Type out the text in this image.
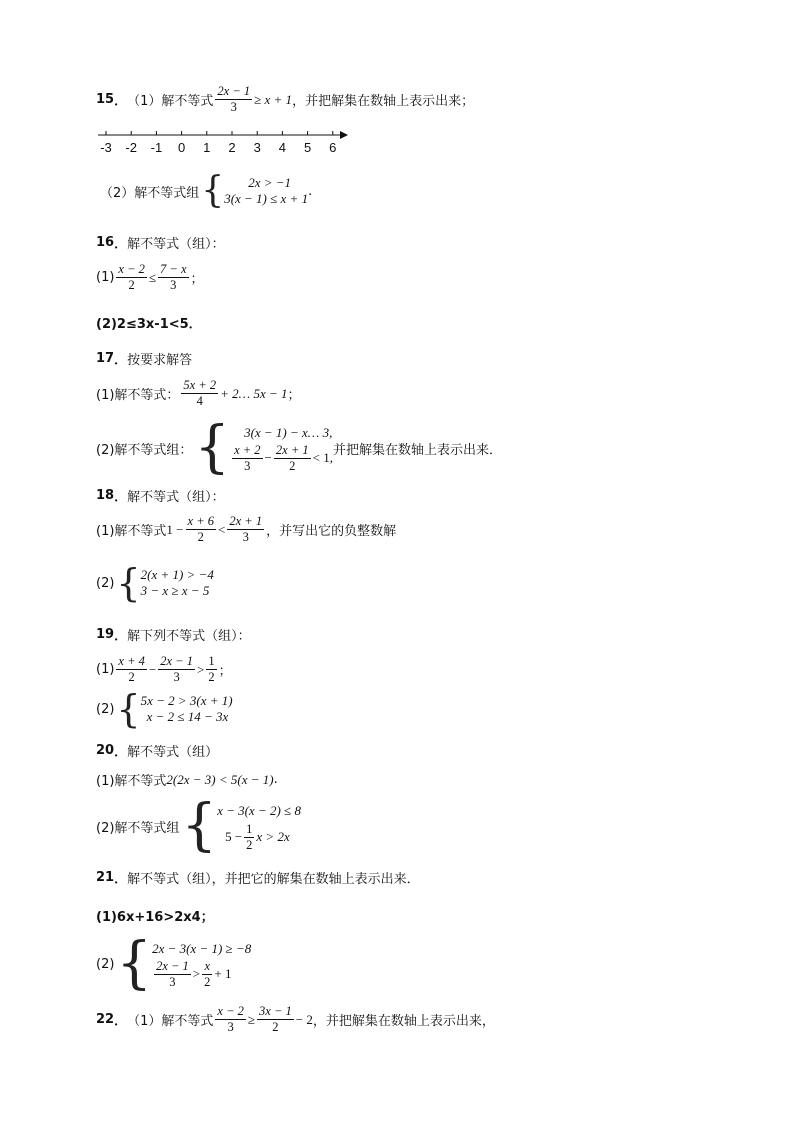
15 ． （1）解不等式 $\frac{2x - 1}{3} \ge x + 1$ ，并把解集在数轴上表示出来；
-3 -2 -1 0 1 2 3 4 5 6
（2）解不等式组 {	2x > −1
3(x − 1) ≤ x + 1 .
16 ． 解不等式（组）：
$(1) \frac{x - 2}{2} \le \frac{7 - x}{3}$ ；
(2)2≤3x-1<5．
17 ． 按要求解答
(1)解不等式： $\frac{5x + 2}{4}$ + 2… 5x − 1 ；
(2)解不等式组： {	3(x − 1) − x… 3,
$\frac{x + 2}{3} - \frac{2x + 1}{2} < 1$, 并把解集在数轴上表示出来．
18 ． 解不等式（组）：
(1)解不等式 $1 - \frac{x + 6}{2} < \frac{2x + 1}{3}$ ，并写出它的负整数解
(2) { 2(x + 1) > −4
3 − x ≥ x − 5
19 ． 解下列不等式（组）：
$(1) \frac{x + 4}{2} - \frac{2x - 1}{3} > \frac{1}{2}$ ；
(2) { 5x − 2 > 3(x + 1)
x − 2 ≤ 14 − 3x
20 ． 解不等式（组）
(1)解不等式 2(2x − 3) < 5(x − 1) .
(2)解不等式组 { x − 3(x − 2) ≤ 8
$5 - \frac{1}{2}$ x > 2x
21 ． 解不等式（组），并把它的解集在数轴上表示出来．
(1)6x+16>2x4；
(2) { 2x − 3(x − 1) ≥ −8
$\frac{2x - 1}{3} > \frac{x}{2} + 1$
22 ． （1）解不等式 $\frac{x - 2}{3} \ge \frac{3x - 1}{2} - 2$ ，并把解集在数轴上表示出来，
